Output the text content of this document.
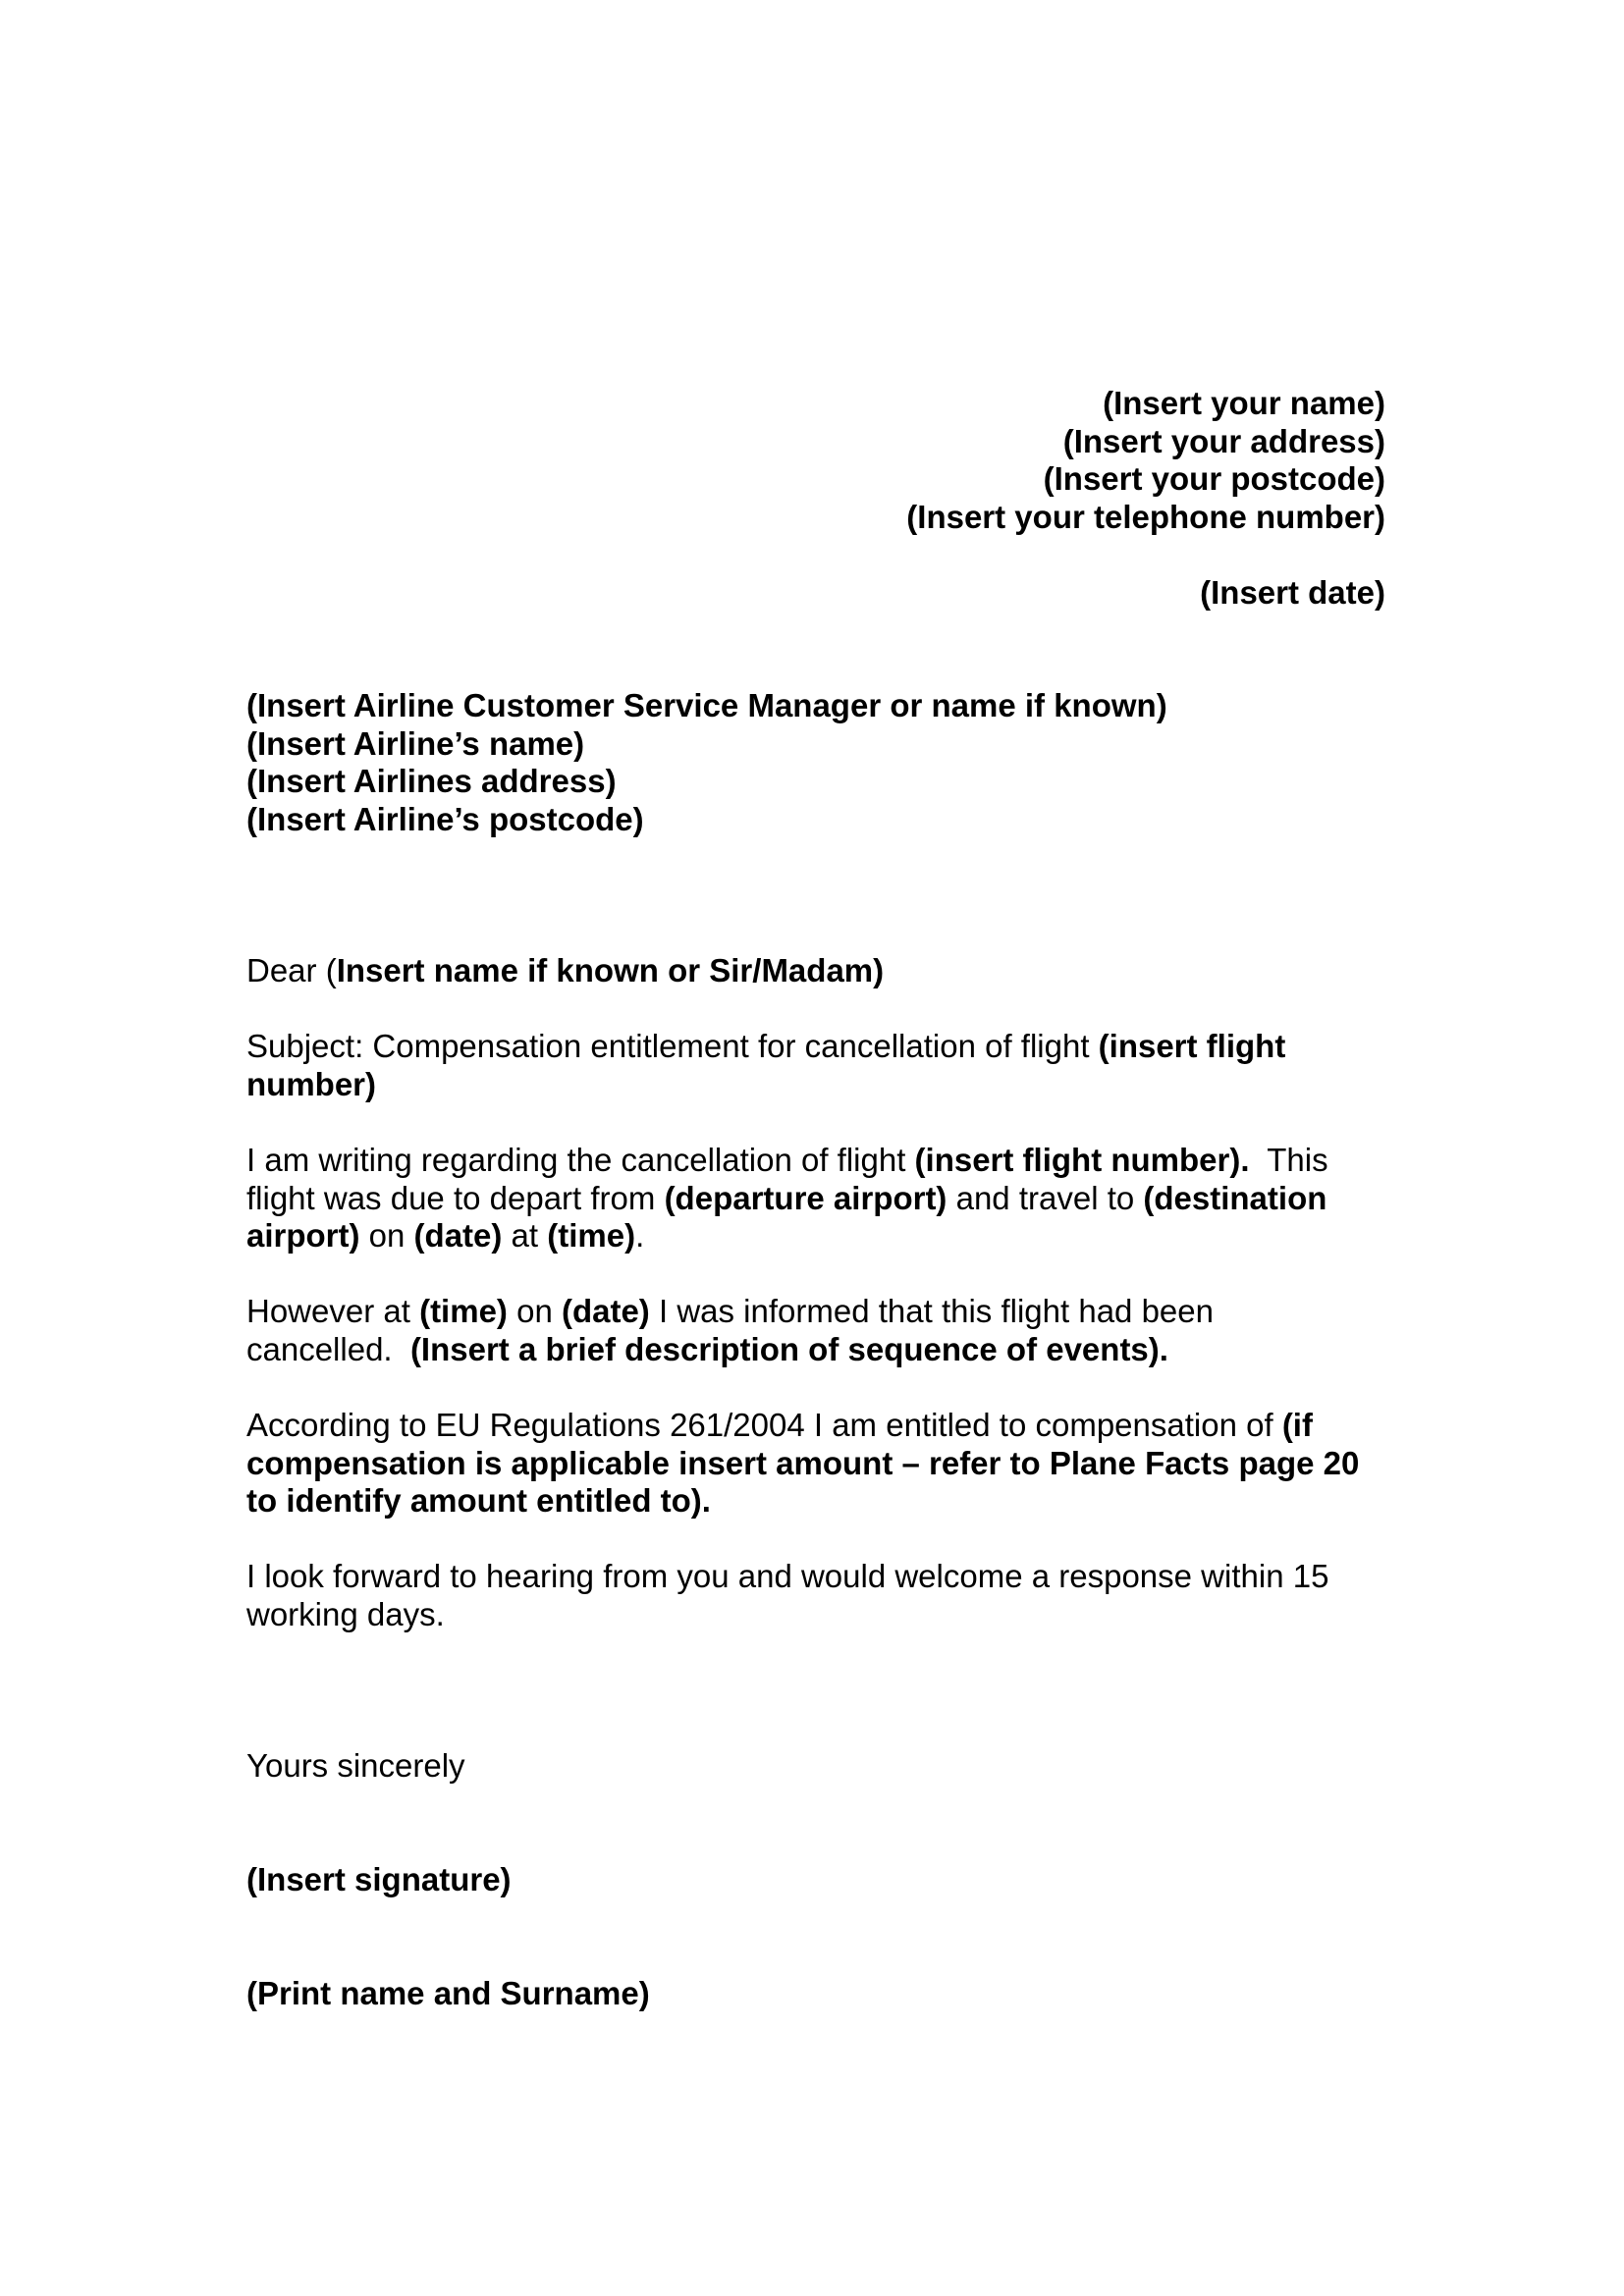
(Insert your name)
(Insert your address)
(Insert your postcode)
(Insert your telephone number)
(Insert date)
(Insert Airline Customer Service Manager or name if known)
(Insert Airline’s name)
(Insert Airlines address)
(Insert Airline’s postcode)
Dear (Insert name if known or Sir/Madam)
Subject: Compensation entitlement for cancellation of flight (insert flight
number)
I am writing regarding the cancellation of flight (insert flight number).  This
flight was due to depart from (departure airport) and travel to (destination
airport) on (date) at (time).
However at (time) on (date) I was informed that this flight had been
cancelled.  (Insert a brief description of sequence of events).
According to EU Regulations 261/2004 I am entitled to compensation of (if
compensation is applicable insert amount – refer to Plane Facts page 20
to identify amount entitled to).
I look forward to hearing from you and would welcome a response within 15
working days.
Yours sincerely
(Insert signature)
(Print name and Surname)
